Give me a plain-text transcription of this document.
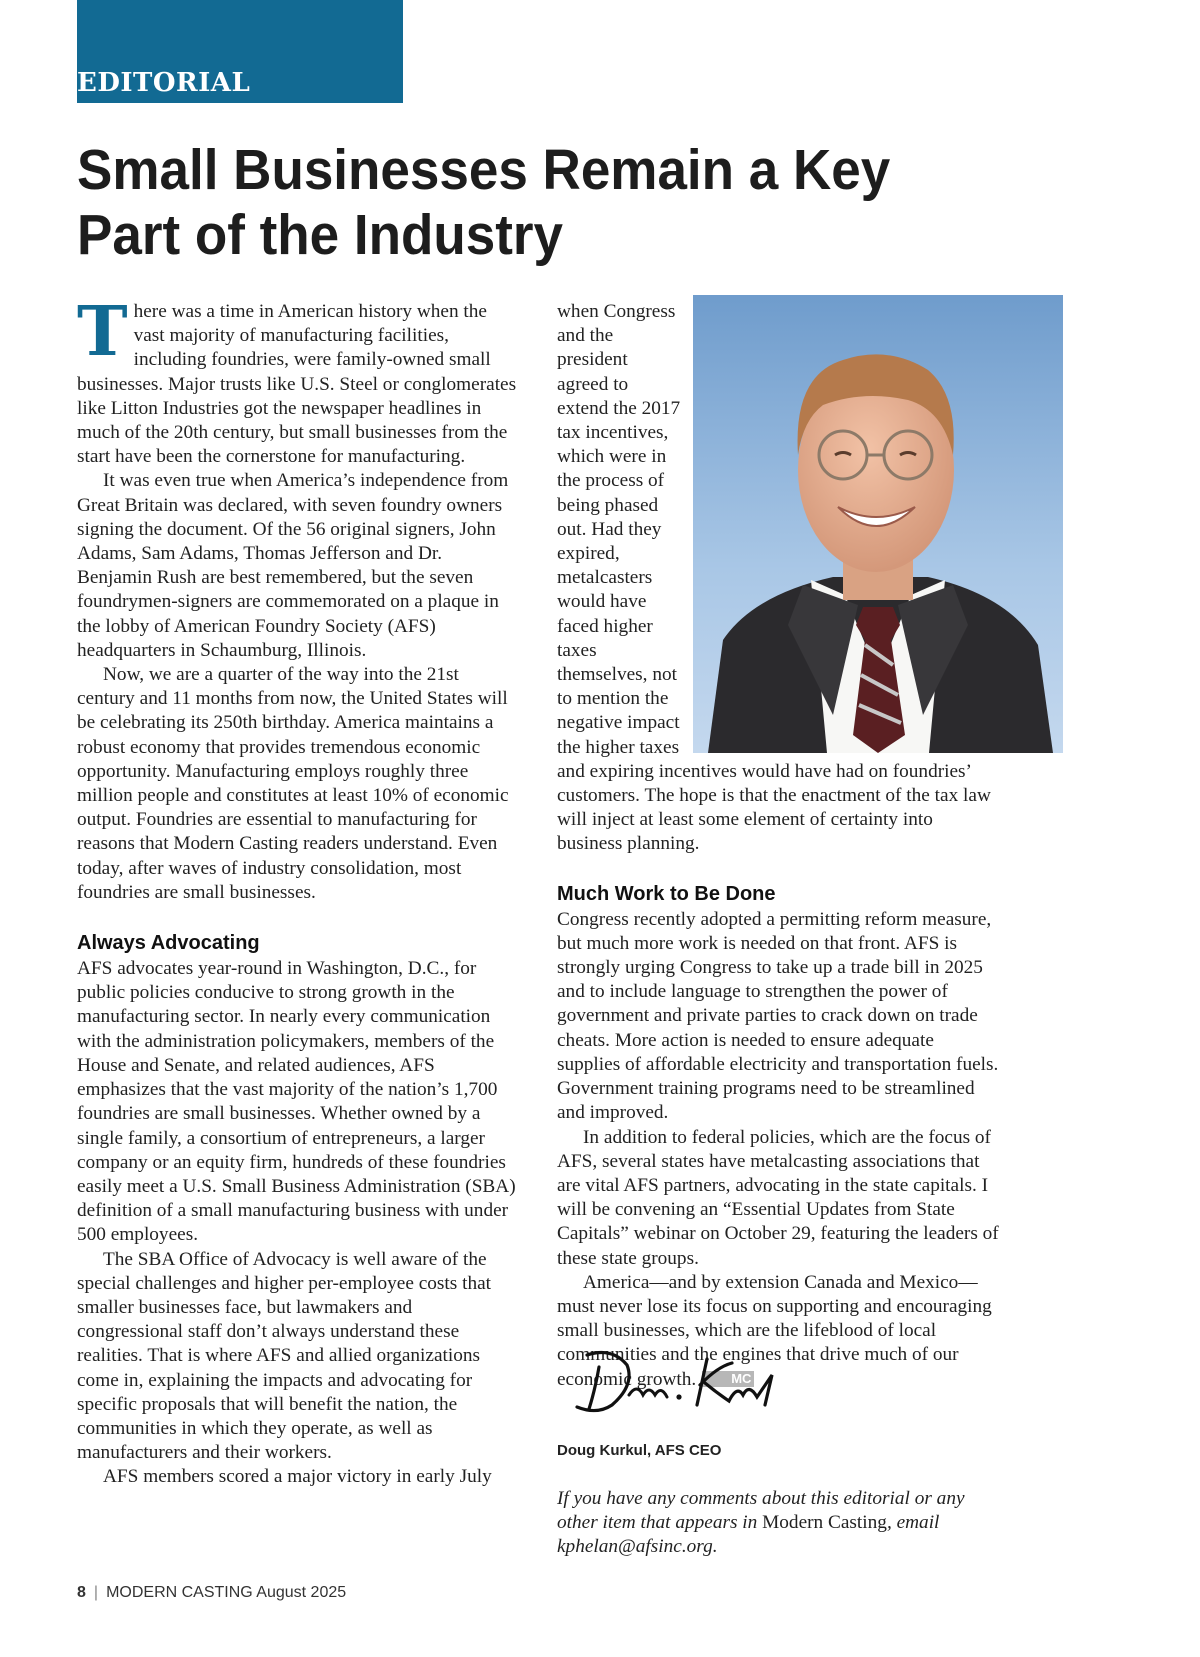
EDITORIAL
Small Businesses Remain a Key Part of the Industry

There was a time in American history when the vast majority of manufacturing facilities, including foundries, were family-owned small businesses. Major trusts like U.S. Steel or conglomerates like Litton Industries got the newspaper headlines in much of the 20th century, but small businesses from the start have been the cornerstone for manufacturing.

It was even true when America’s independence from Great Britain was declared, with seven foundry owners signing the document. Of the 56 original signers, John Adams, Sam Adams, Thomas Jefferson and Dr. Benjamin Rush are best remembered, but the seven foundrymen-signers are commemorated on a plaque in the lobby of American Foundry Society (AFS) headquarters in Schaumburg, Illinois.

Now, we are a quarter of the way into the 21st century and 11 months from now, the United States will be celebrating its 250th birthday. America maintains a robust economy that provides tremendous economic opportunity. Manufacturing employs roughly three million people and constitutes at least 10% of economic output. Foundries are essential to manufacturing for reasons that Modern Casting readers understand. Even today, after waves of industry consolidation, most foundries are small businesses.

Always Advocating

AFS advocates year-round in Washington, D.C., for public policies conducive to strong growth in the manufacturing sector. In nearly every communication with the administration policymakers, members of the House and Senate, and related audiences, AFS emphasizes that the vast majority of the nation’s 1,700 foundries are small businesses. Whether owned by a single family, a consortium of entrepreneurs, a larger company or an equity firm, hundreds of these foundries easily meet a U.S. Small Business Administration (SBA) definition of a small manufacturing business with under 500 employees.

The SBA Office of Advocacy is well aware of the special challenges and higher per-employee costs that smaller businesses face, but lawmakers and congressional staff don’t always understand these realities. That is where AFS and allied organizations come in, explaining the impacts and advocating for specific proposals that will benefit the nation, the communities in which they operate, as well as manufacturers and their workers.

AFS members scored a major victory in early July

when Congress and the president agreed to extend the 2017 tax incentives, which were in the process of being phased out. Had they expired, metalcasters would have faced higher taxes themselves, not to mention the negative impact the higher taxes and expiring incentives would have had on foundries’ customers. The hope is that the enactment of the tax law will inject at least some element of certainty into business planning.

Much Work to Be Done

Congress recently adopted a permitting reform measure, but much more work is needed on that front. AFS is strongly urging Congress to take up a trade bill in 2025 and to include language to strengthen the power of government and private parties to crack down on trade cheats. More action is needed to ensure adequate supplies of affordable electricity and transportation fuels. Government training programs need to be streamlined and improved.

In addition to federal policies, which are the focus of AFS, several states have metalcasting associations that are vital AFS partners, advocating in the state capitals. I will be convening an “Essential Updates from State Capitals” webinar on October 29, featuring the leaders of these state groups.

America—and by extension Canada and Mexico—must never lose its focus on supporting and encouraging small businesses, which are the lifeblood of local communities and the engines that drive much of our economic growth.	MC

Doug Kurkul, AFS CEO
If you have any comments about this editorial or any other item that appears in Modern Casting, email kphelan@afsinc.org.
8 | MODERN CASTING August 2025
